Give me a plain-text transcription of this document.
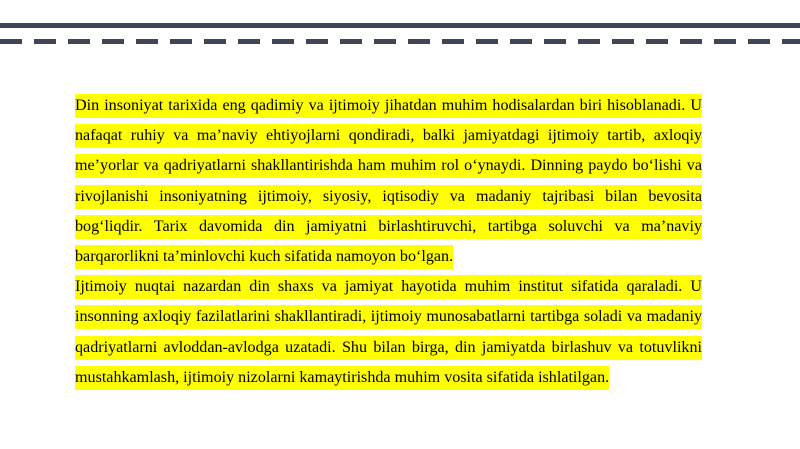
Din insoniyat tarixida eng qadimiy va ijtimoiy jihatdan muhim hodisalardan biri hisoblanadi. U nafaqat ruhiy va ma’naviy ehtiyojlarni qondiradi, balki jamiyatdagi ijtimoiy tartib, axloqiy me’yorlar va qadriyatlarni shakllantirishda ham muhim rol o‘ynaydi. Dinning paydo bo‘lishi va rivojlanishi insoniyatning ijtimoiy, siyosiy, iqtisodiy va madaniy tajribasi bilan bevosita bog‘liqdir. Tarix davomida din jamiyatni birlashtiruvchi, tartibga soluvchi va ma’naviy barqarorlikni ta’minlovchi kuch sifatida namoyon bo‘lgan.

Ijtimoiy nuqtai nazardan din shaxs va jamiyat hayotida muhim institut sifatida qaraladi. U insonning axloqiy fazilatlarini shakllantiradi, ijtimoiy munosabatlarni tartibga soladi va madaniy qadriyatlarni avloddan-avlodga uzatadi. Shu bilan birga, din jamiyatda birlashuv va totuvlikni mustahkamlash, ijtimoiy nizolarni kamaytirishda muhim vosita sifatida ishlatilgan.
